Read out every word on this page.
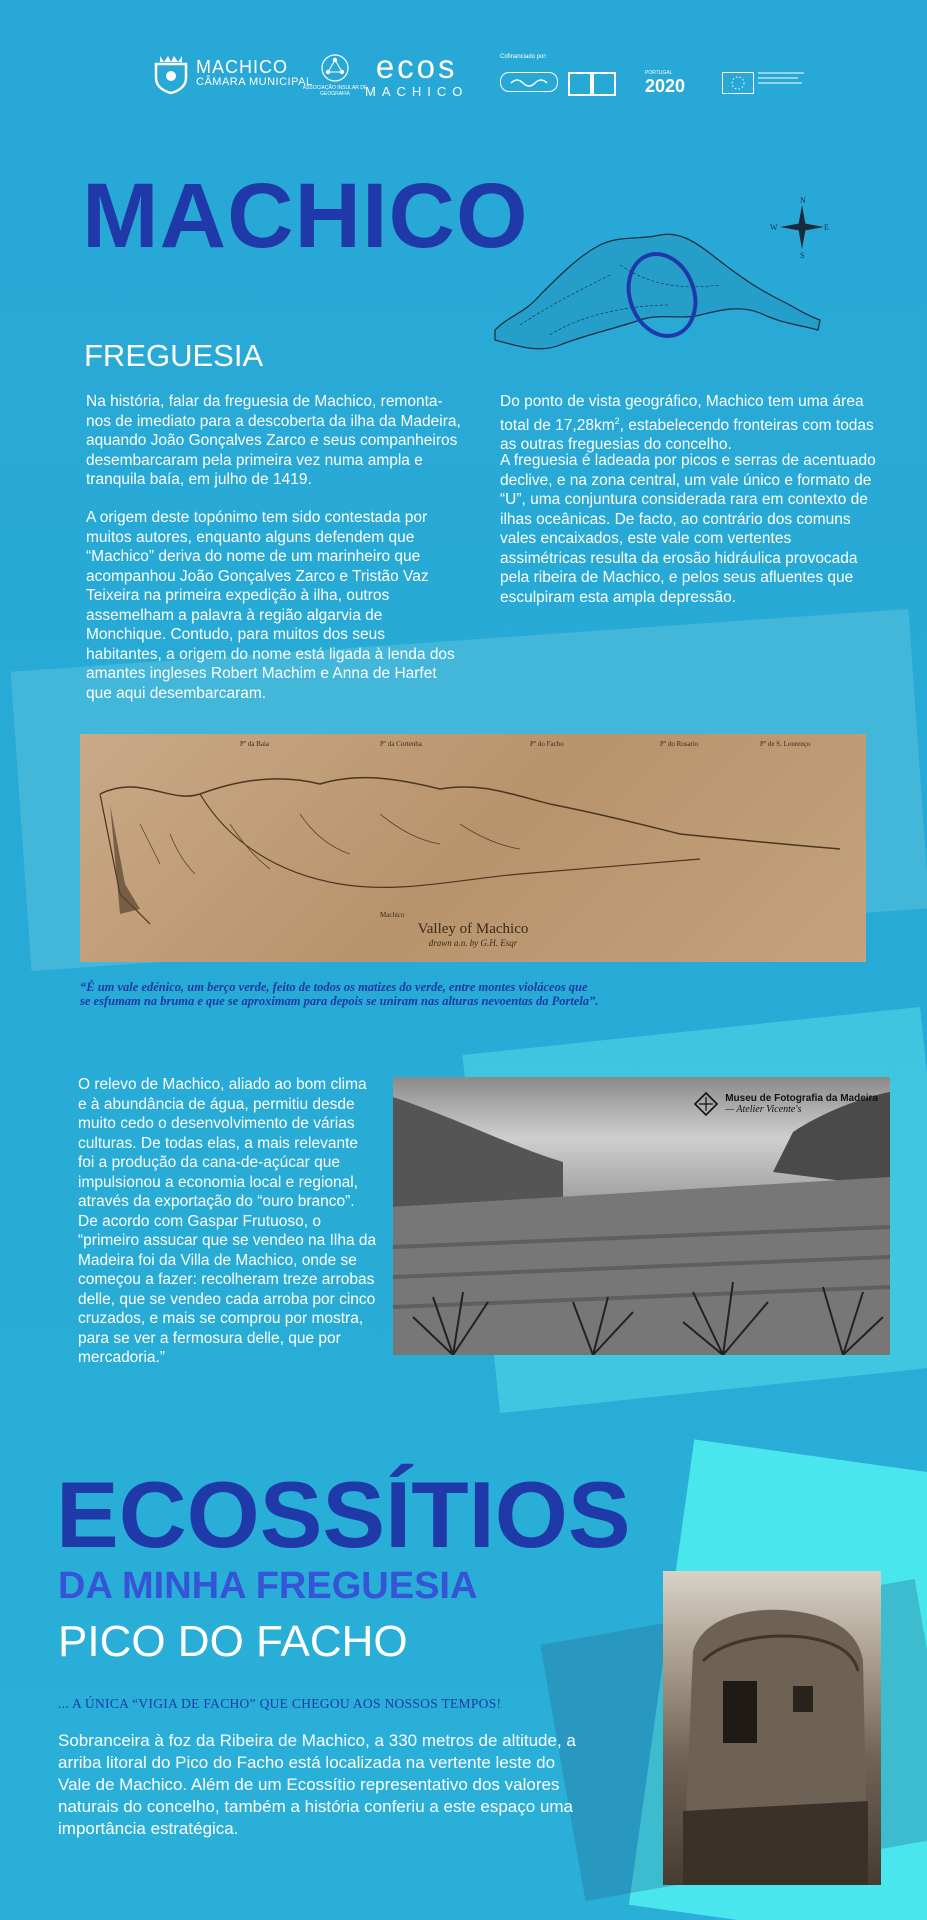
MACHICO
CÂMARA MUNICIPAL
ASSOCIAÇÃO INSULAR DE GEOGRAFIA
ecos
MACHICO
Cofinanciado por:
PORTUGAL
2020
MACHICO
FREGUESIA
N
S
E
W

Na história, falar da freguesia de Machico, remonta-nos de imediato para a descoberta da ilha da Madeira, aquando João Gonçalves Zarco e seus companheiros desembarcaram pela primeira vez numa ampla e tranquila baía, em julho de 1419.

A origem deste topónimo tem sido contestada por muitos autores, enquanto alguns defendem que “Machico” deriva do nome de um marinheiro que acompanhou João Gonçalves Zarco e Tristão Vaz Teixeira na primeira expedição à ilha, outros assemelham a palavra à região algarvia de Monchique. Contudo, para muitos dos seus habitantes, a origem do nome está ligada à lenda dos amantes ingleses Robert Machim e Anna de Harfet que aqui desembarcaram.

Do ponto de vista geográfico, Machico tem uma área total de $17,28km^2$, estabelecendo fronteiras com todas as outras freguesias do concelho.

A freguesia é ladeada por picos e serras de acentuado declive, e na zona central, um vale único e formato de “U”, uma conjuntura considerada rara em contexto de ilhas oceânicas. De facto, ao contrário dos comuns vales encaixados, este vale com vertentes assimétricas resulta da erosão hidráulica provocada pela ribeira de Machico, e pelos seus afluentes que esculpiram esta ampla depressão.

Pº da Baia	Pº da Cortenha	Pº do Facho	Pº do Rosario	Pº de S. Lourenço
Machico
Valley of Machico
drawn a.n. by G.H. Esqr

“É um vale edénico, um berço verde, feito de todos os matizes do verde, entre montes violáceos que se esfumam na bruma e que se aproximam para depois se uniram nas alturas nevoentas da Portela”.

O relevo de Machico, aliado ao bom clima e à abundância de água, permitiu desde muito cedo o desenvolvimento de várias culturas. De todas elas, a mais relevante foi a produção da cana-de-açúcar que impulsionou a economia local e regional, através da exportação do “ouro branco”. De acordo com Gaspar Frutuoso, o “primeiro assucar que se vendeo na Ilha da Madeira foi da Villa de Machico, onde se começou a fazer: recolheram treze arrobas delle, que se vendeo cada arroba por cinco cruzados, e mais se comprou por mostra, para se ver a fermosura delle, que por mercadoria.”

Museu de Fotografia da Madeira
— Atelier Vicente's
ECOSSÍTIOS
DA MINHA FREGUESIA
PICO DO FACHO
... A ÚNICA “VIGIA DE FACHO” QUE CHEGOU AOS NOSSOS TEMPOS!

Sobranceira à foz da Ribeira de Machico, a 330 metros de altitude, a arriba litoral do Pico do Facho está localizada na vertente leste do Vale de Machico. Além de um Ecossítio representativo dos valores naturais do concelho, também a história conferiu a este espaço uma importância estratégica.
